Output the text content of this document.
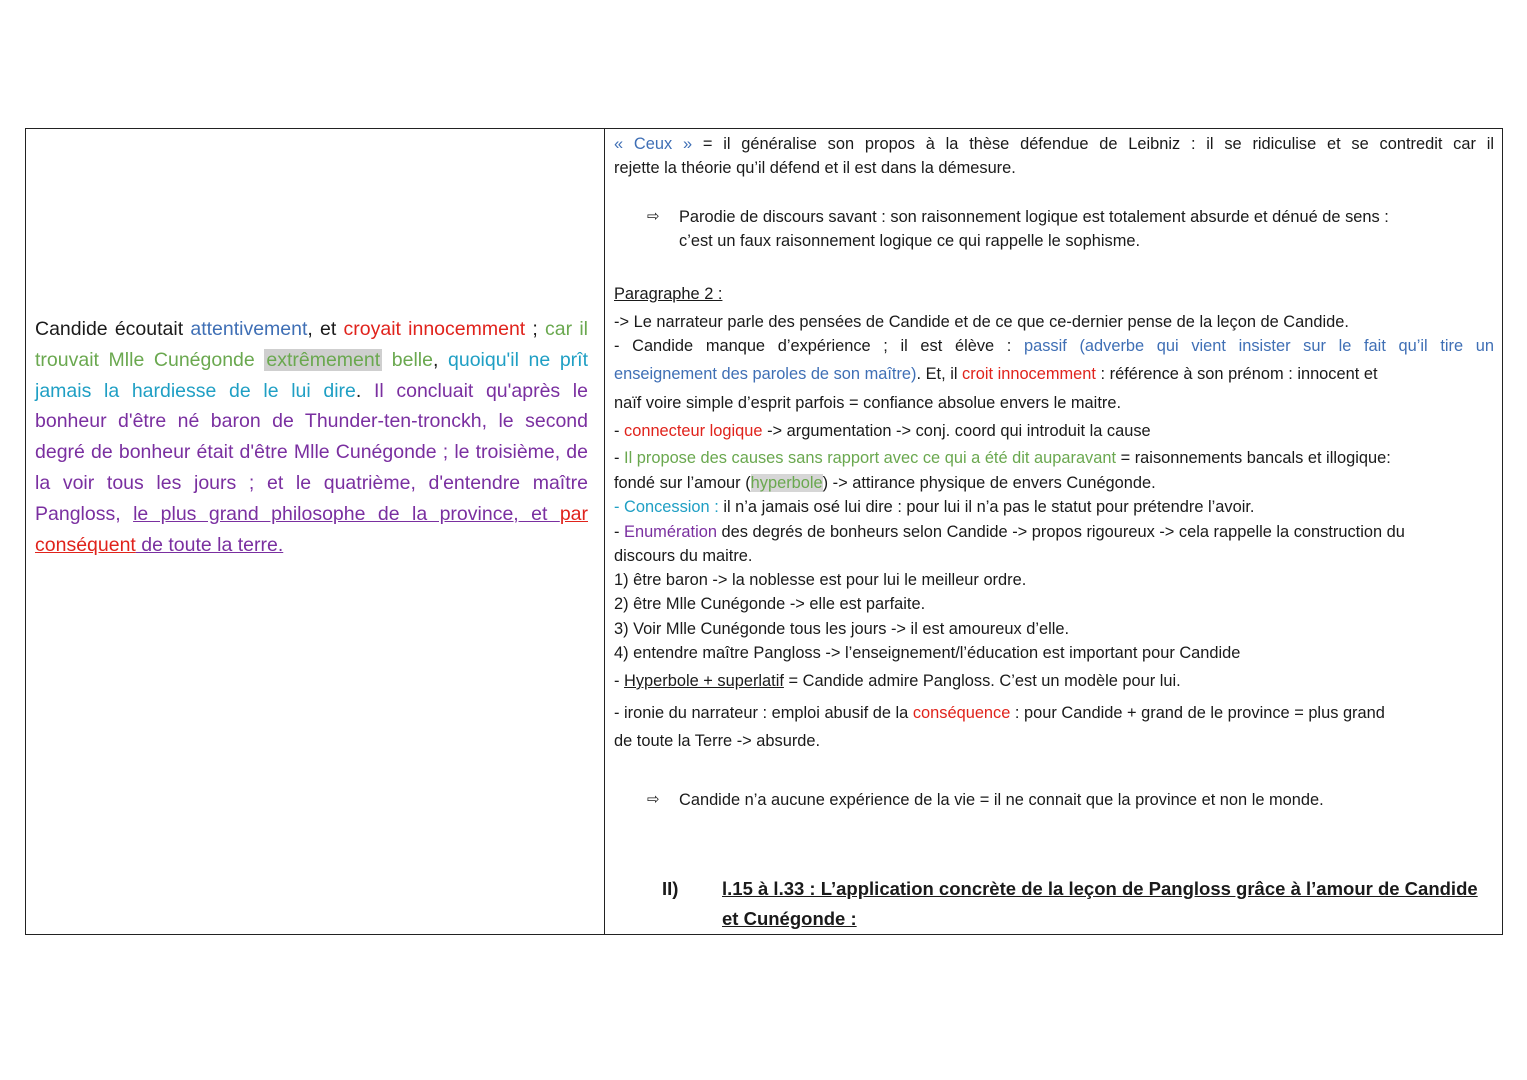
Candide écoutait attentivement, et croyait innocemment ; car il trouvait Mlle Cunégonde extrêmement belle, quoiqu'il ne prît jamais la hardiesse de le lui dire. Il concluait qu'après le bonheur d'être né baron de Thunder-ten-tronckh, le second degré de bonheur était d'être Mlle Cunégonde ; le troisième, de la voir tous les jours ; et le quatrième, d'entendre maître Pangloss, le plus grand philosophe de la province, et par conséquent de toute la terre.
« Ceux » = il généralise son propos à la thèse défendue de Leibniz : il se ridiculise et se contredit car il
rejette la théorie qu’il défend et il est dans la démesure.
⇨ Parodie de discours savant : son raisonnement logique est totalement absurde et dénué de sens :
c’est un faux raisonnement logique ce qui rappelle le sophisme.
Paragraphe 2 :
-> Le narrateur parle des pensées de Candide et de ce que ce-dernier pense de la leçon de Candide.
- Candide manque d’expérience ; il est élève : passif (adverbe qui vient insister sur le fait qu’il tire un
enseignement des paroles de son maître). Et, il croit innocemment : référence à son prénom : innocent et
naïf voire simple d’esprit parfois = confiance absolue envers le maitre.
- connecteur logique -> argumentation -> conj. coord qui introduit la cause
- Il propose des causes sans rapport avec ce qui a été dit auparavant = raisonnements bancals et illogique:
fondé sur l’amour (hyperbole) -> attirance physique de envers Cunégonde.
- Concession : il n’a jamais osé lui dire : pour lui il n’a pas le statut pour prétendre l’avoir.
- Enumération des degrés de bonheurs selon Candide -> propos rigoureux -> cela rappelle la construction du
discours du maitre.
1) être baron -> la noblesse est pour lui le meilleur ordre.
2) être Mlle Cunégonde -> elle est parfaite.
3) Voir Mlle Cunégonde tous les jours -> il est amoureux d’elle.
4) entendre maître Pangloss -> l’enseignement/l’éducation est important pour Candide
- Hyperbole + superlatif = Candide admire Pangloss. C’est un modèle pour lui.
- ironie du narrateur : emploi abusif de la conséquence : pour Candide + grand de le province = plus grand
de toute la Terre -> absurde.
⇨ Candide n’a aucune expérience de la vie = il ne connait que la province et non le monde.
II) l.15 à l.33 : L’application concrète de la leçon de Pangloss grâce à l’amour de Candide
et Cunégonde :
